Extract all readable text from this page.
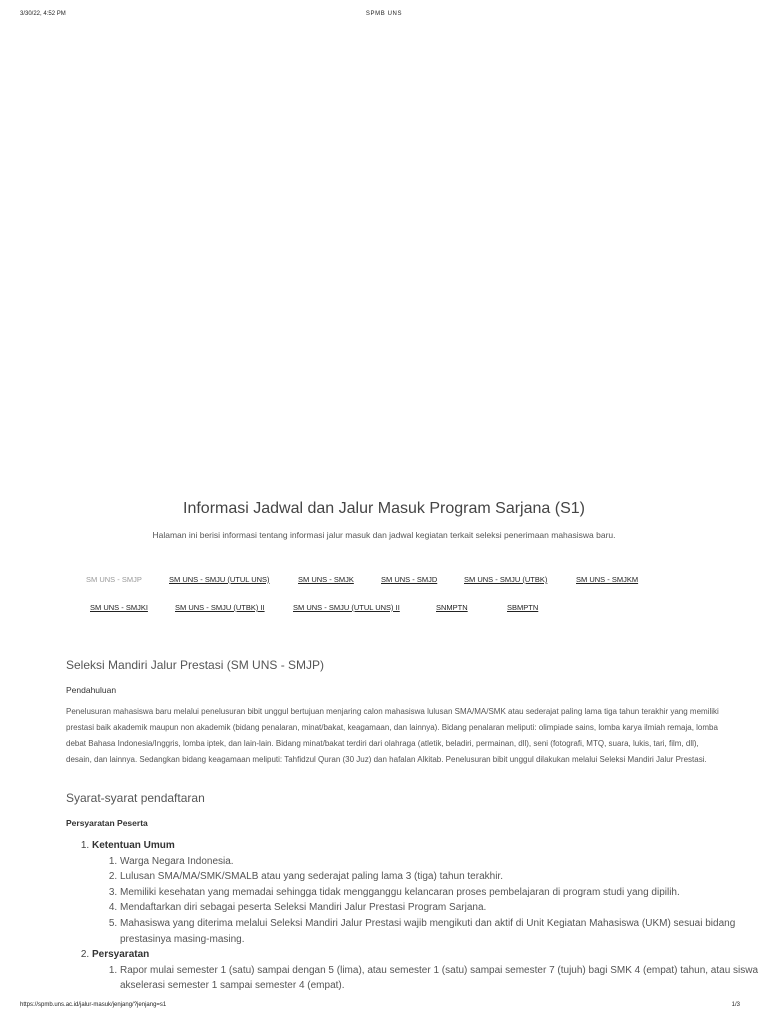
3/30/22, 4:52 PM	SPMB UNS
Informasi Jadwal dan Jalur Masuk Program Sarjana (S1)
Halaman ini berisi informasi tentang informasi jalur masuk dan jadwal kegiatan terkait seleksi penerimaan mahasiswa baru.
SM UNS - SMJP	SM UNS - SMJU (UTUL UNS)	SM UNS - SMJK	SM UNS - SMJD	SM UNS - SMJU (UTBK)	SM UNS - SMJKM
SM UNS - SMJKI	SM UNS - SMJU (UTBK) II	SM UNS - SMJU (UTUL UNS) II	SNMPTN	SBMPTN
Seleksi Mandiri Jalur Prestasi (SM UNS - SMJP)
Pendahuluan

Penelusuran mahasiswa baru melalui penelusuran bibit unggul bertujuan menjaring calon mahasiswa lulusan SMA/MA/SMK atau sederajat paling lama tiga tahun terakhir yang memiliki prestasi baik akademik maupun non akademik (bidang penalaran, minat/bakat, keagamaan, dan lainnya). Bidang penalaran meliputi: olimpiade sains, lomba karya ilmiah remaja, lomba debat Bahasa Indonesia/Inggris, lomba iptek, dan lain-lain. Bidang minat/bakat terdiri dari olahraga (atletik, beladiri, permainan, dll), seni (fotografi, MTQ, suara, lukis, tari, film, dll), desain, dan lainnya. Sedangkan bidang keagamaan meliputi: Tahfidzul Quran (30 Juz) dan hafalan Alkitab. Penelusuran bibit unggul dilakukan melalui Seleksi Mandiri Jalur Prestasi.

Syarat-syarat pendaftaran
Persyaratan Peserta
1. Ketentuan Umum
1. Warga Negara Indonesia.
2. Lulusan SMA/MA/SMK/SMALB atau yang sederajat paling lama 3 (tiga) tahun terakhir.
3. Memiliki kesehatan yang memadai sehingga tidak mengganggu kelancaran proses pembelajaran di program studi yang dipilih.
4. Mendaftarkan diri sebagai peserta Seleksi Mandiri Jalur Prestasi Program Sarjana.
5. Mahasiswa yang diterima melalui Seleksi Mandiri Jalur Prestasi wajib mengikuti dan aktif di Unit Kegiatan Mahasiswa (UKM) sesuai bidang prestasinya masing-masing.
2. Persyaratan
1. Rapor mulai semester 1 (satu) sampai dengan 5 (lima), atau semester 1 (satu) sampai semester 7 (tujuh) bagi SMK 4 (empat) tahun, atau siswa akselerasi semester 1 sampai semester 4 (empat).
https://spmb.uns.ac.id/jalur-masuk/jenjang/?jenjang=s1	1/3
